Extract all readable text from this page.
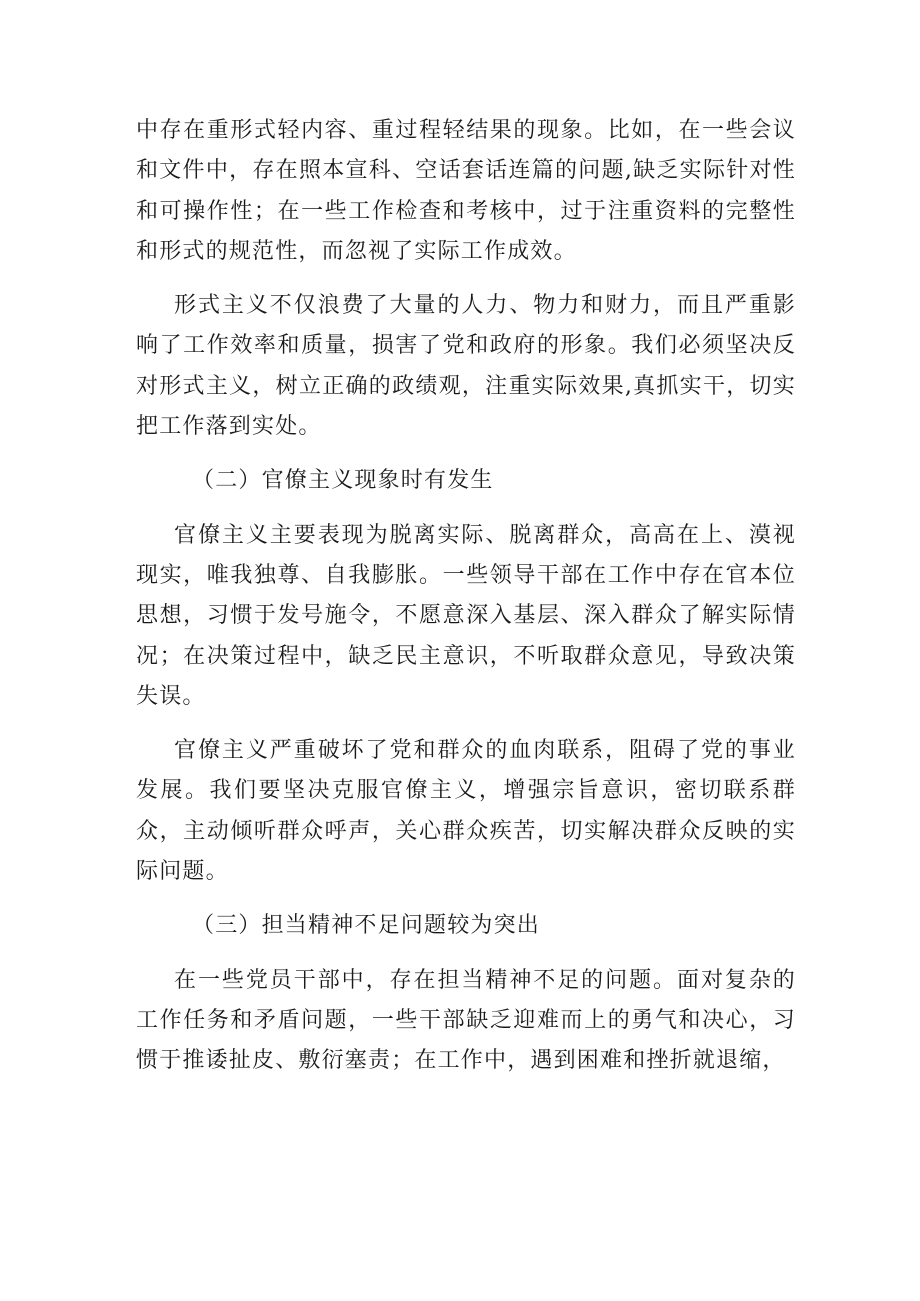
中存在重形式轻内容、重过程轻结果的现象。比如，在一些会议和文件中，存在照本宣科、空话套话连篇的问题,缺乏实际针对性和可操作性；在一些工作检查和考核中，过于注重资料的完整性和形式的规范性，而忽视了实际工作成效。

形式主义不仅浪费了大量的人力、物力和财力，而且严重影响了工作效率和质量，损害了党和政府的形象。我们必须坚决反对形式主义，树立正确的政绩观，注重实际效果,真抓实干，切实把工作落到实处。

（二）官僚主义现象时有发生

官僚主义主要表现为脱离实际、脱离群众，高高在上、漠视现实，唯我独尊、自我膨胀。一些领导干部在工作中存在官本位思想，习惯于发号施令，不愿意深入基层、深入群众了解实际情况；在决策过程中，缺乏民主意识，不听取群众意见，导致决策失误。

官僚主义严重破坏了党和群众的血肉联系，阻碍了党的事业发展。我们要坚决克服官僚主义，增强宗旨意识，密切联系群众，主动倾听群众呼声，关心群众疾苦，切实解决群众反映的实际问题。

（三）担当精神不足问题较为突出

在一些党员干部中，存在担当精神不足的问题。面对复杂的工作任务和矛盾问题，一些干部缺乏迎难而上的勇气和决心，习惯于推诿扯皮、敷衍塞责；在工作中，遇到困难和挫折就退缩，
